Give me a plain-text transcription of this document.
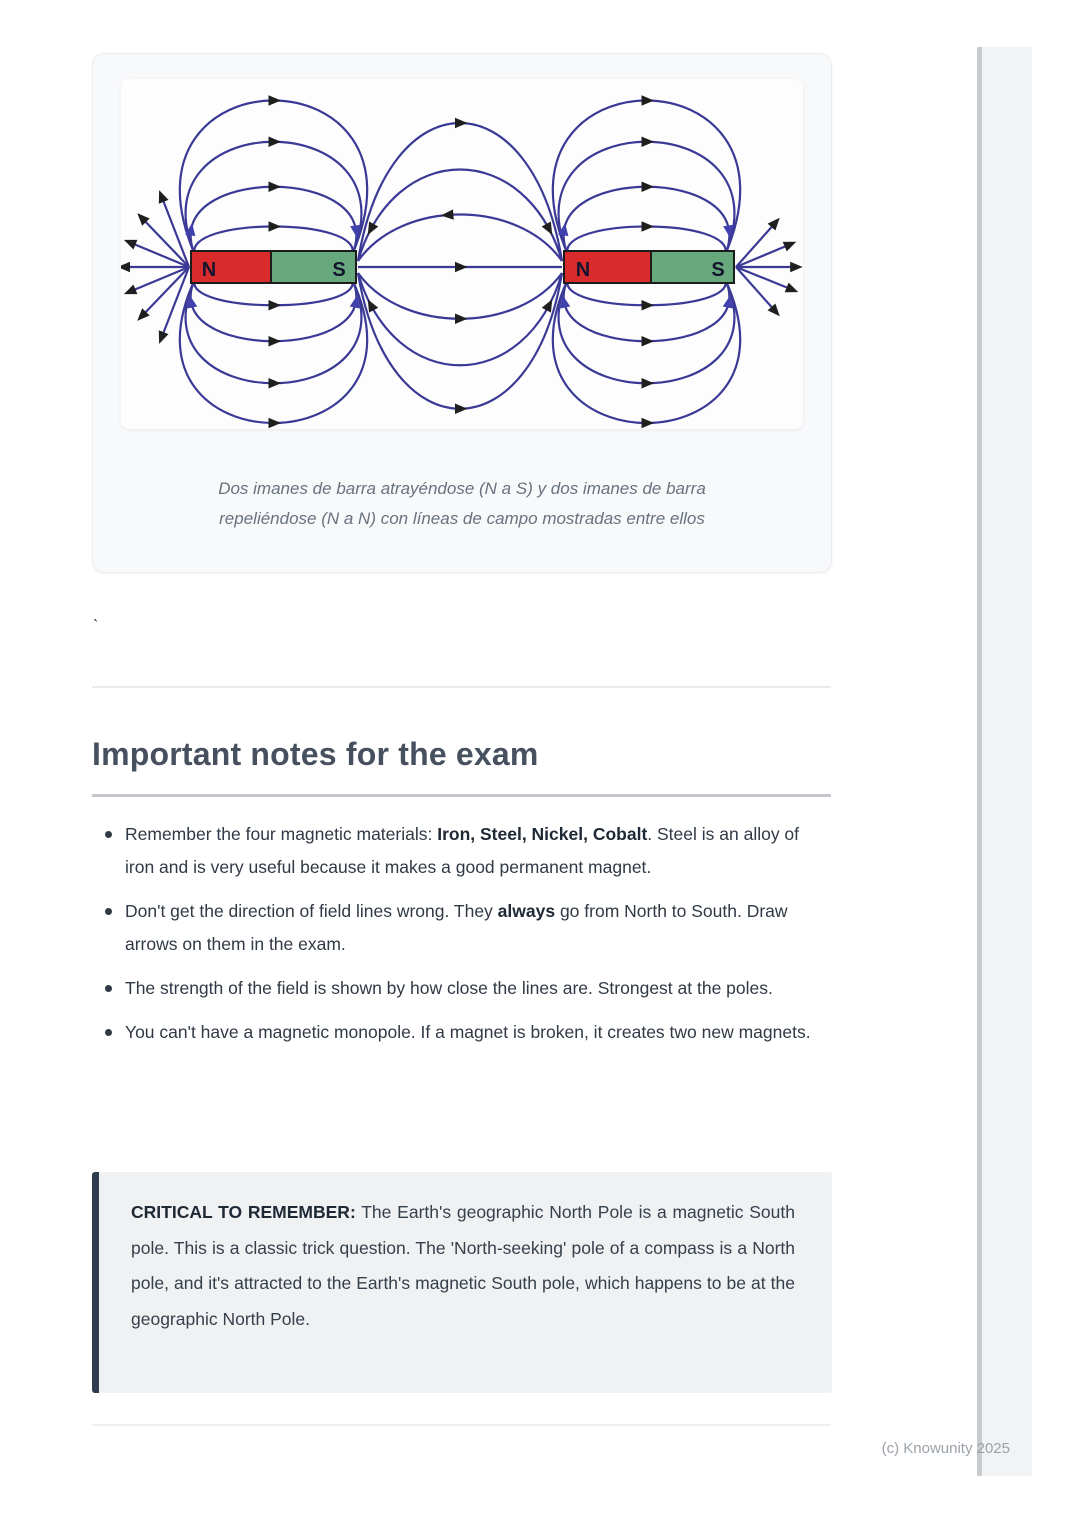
N	S	N	S
Dos imanes de barra atrayéndose (N a S) y dos imanes de barra
repeliéndose (N a N) con líneas de campo mostradas entre ellos
`
Important notes for the exam
Remember the four magnetic materials: Iron, Steel, Nickel, Cobalt. Steel is an alloy of iron and is very useful because it makes a good permanent magnet.
Don't get the direction of field lines wrong. They always go from North to South. Draw arrows on them in the exam.
The strength of the field is shown by how close the lines are. Strongest at the poles.
You can't have a magnetic monopole. If a magnet is broken, it creates two new magnets.
CRITICAL TO REMEMBER: The Earth's geographic North Pole is a magnetic South pole. This is a classic trick question. The 'North-seeking' pole of a compass is a North pole, and it's attracted to the Earth's magnetic South pole, which happens to be at the geographic North Pole.
(c) Knowunity 2025
